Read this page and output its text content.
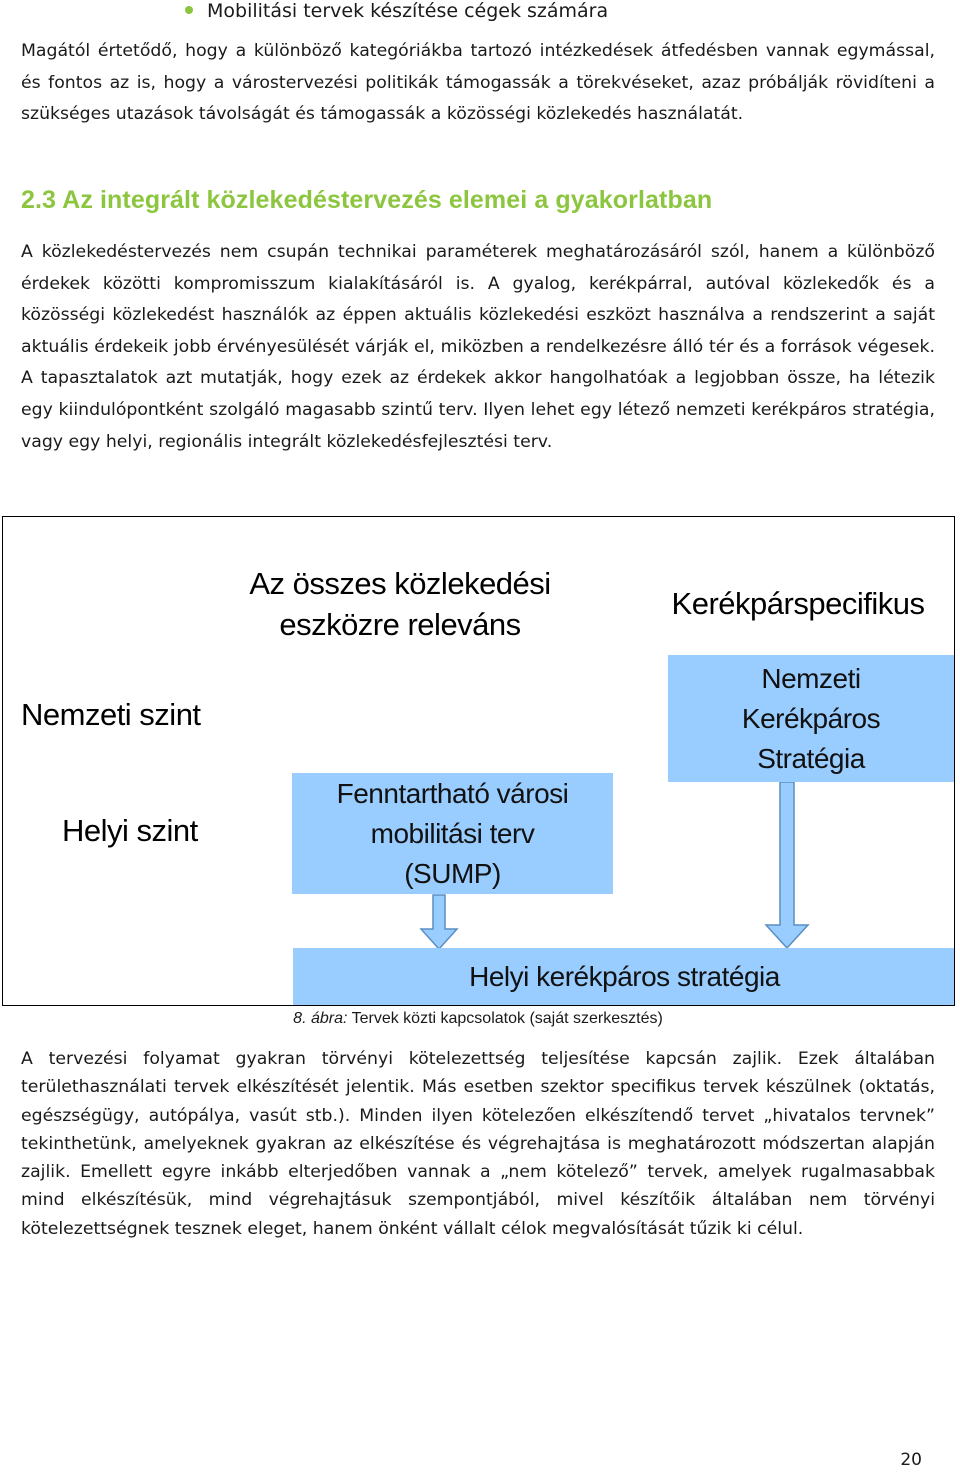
Mobilitási tervek készítése cégek számára

Magától értetődő, hogy a különböző kategóriákba tartozó intézkedések átfedésben vannak egymással, és fontos az is, hogy a várostervezési politikák támogassák a törekvéseket, azaz próbálják rövidíteni a szükséges utazások távolságát és támogassák a közösségi közlekedés használatát.

2.3 Az integrált közlekedéstervezés elemei a gyakorlatban

A közlekedéstervezés nem csupán technikai paraméterek meghatározásáról szól, hanem a különböző érdekek közötti kompromisszum kialakításáról is. A gyalog, kerékpárral, autóval közlekedők és a közösségi közlekedést használók az éppen aktuális közlekedési eszközt használva a rendszerint a saját aktuális érdekeik jobb érvényesülését várják el, miközben a rendelkezésre álló tér és a források végesek. A tapasztalatok azt mutatják, hogy ezek az érdekek akkor hangolhatóak a legjobban össze, ha létezik egy kiindulópontként szolgáló magasabb szintű terv. Ilyen lehet egy létező nemzeti kerékpáros stratégia, vagy egy helyi, regionális integrált közlekedésfejlesztési terv.

Az összes közlekedési
eszközre releváns
Kerékpárspecifikus
Nemzeti szint
Helyi szint
Nemzeti
Kerékpáros
Stratégia
Fenntartható városi
mobilitási terv
(SUMP)
Helyi kerékpáros stratégia
8. ábra: Tervek közti kapcsolatok (saját szerkesztés)

A tervezési folyamat gyakran törvényi kötelezettség teljesítése kapcsán zajlik. Ezek általában területhasználati tervek elkészítését jelentik. Más esetben szektor specifikus tervek készülnek (oktatás, egészségügy, autópálya, vasút stb.). Minden ilyen kötelezően elkészítendő tervet „hivatalos tervnek” tekinthetünk, amelyeknek gyakran az elkészítése és végrehajtása is meghatározott módszertan alapján zajlik. Emellett egyre inkább elterjedőben vannak a „nem kötelező” tervek, amelyek rugalmasabbak mind elkészítésük, mind végrehajtásuk szempontjából, mivel készítőik általában nem törvényi kötelezettségnek tesznek eleget, hanem önként vállalt célok megvalósítását tűzik ki célul.

20
